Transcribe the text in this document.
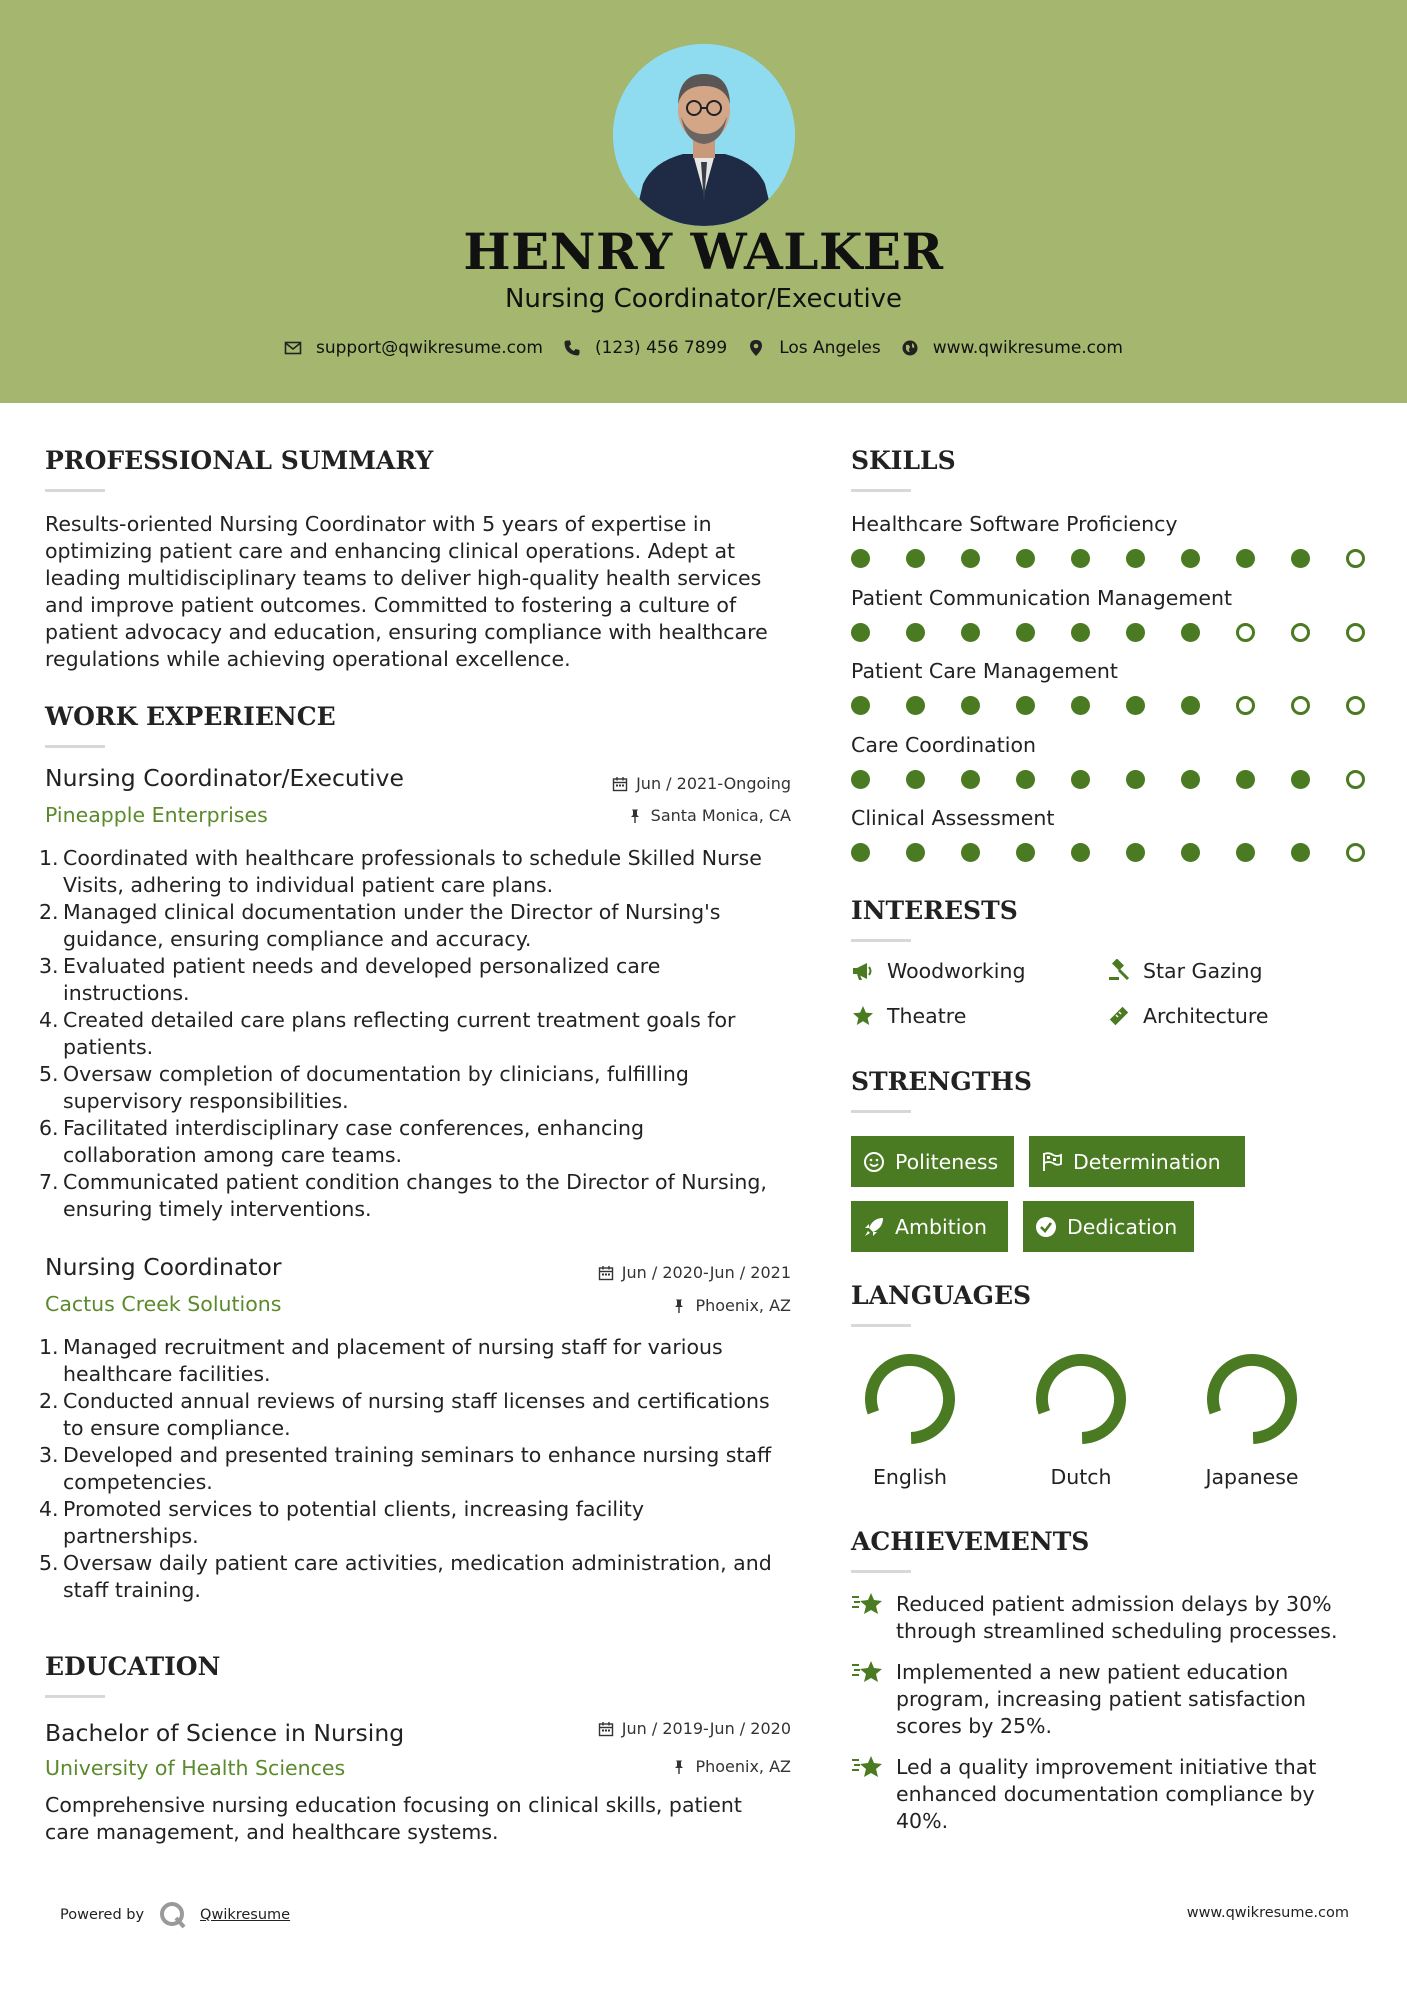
HENRY WALKER
Nursing Coordinator/Executive
support@qwikresume.com	(123) 456 7899	Los Angeles	www.qwikresume.com
PROFESSIONAL SUMMARY
Results-oriented Nursing Coordinator with 5 years of expertise in
optimizing patient care and enhancing clinical operations. Adept at
leading multidisciplinary teams to deliver high-quality health services
and improve patient outcomes. Committed to fostering a culture of
patient advocacy and education, ensuring compliance with healthcare
regulations while achieving operational excellence.
WORK EXPERIENCE
Nursing Coordinator/Executive	Jun / 2021-Ongoing
Pineapple Enterprises	Santa Monica, CA
1. Coordinated with healthcare professionals to schedule Skilled Nurse
Visits, adhering to individual patient care plans.
2. Managed clinical documentation under the Director of Nursing's
guidance, ensuring compliance and accuracy.
3. Evaluated patient needs and developed personalized care
instructions.
4. Created detailed care plans reflecting current treatment goals for
patients.
5. Oversaw completion of documentation by clinicians, fulfilling
supervisory responsibilities.
6. Facilitated interdisciplinary case conferences, enhancing
collaboration among care teams.
7. Communicated patient condition changes to the Director of Nursing,
ensuring timely interventions.
Nursing Coordinator	Jun / 2020-Jun / 2021
Cactus Creek Solutions	Phoenix, AZ
1. Managed recruitment and placement of nursing staff for various
healthcare facilities.
2. Conducted annual reviews of nursing staff licenses and certifications
to ensure compliance.
3. Developed and presented training seminars to enhance nursing staff
competencies.
4. Promoted services to potential clients, increasing facility
partnerships.
5. Oversaw daily patient care activities, medication administration, and
staff training.
EDUCATION
Bachelor of Science in Nursing	Jun / 2019-Jun / 2020
University of Health Sciences	Phoenix, AZ
Comprehensive nursing education focusing on clinical skills, patient
care management, and healthcare systems.
SKILLS
Healthcare Software Proficiency
Patient Communication Management
Patient Care Management
Care Coordination
Clinical Assessment
INTERESTS
Woodworking	Star Gazing
Theatre	Architecture
STRENGTHS
Politeness	Determination
Ambition	Dedication
LANGUAGES
English	Dutch	Japanese
ACHIEVEMENTS
Reduced patient admission delays by 30%
through streamlined scheduling processes.
Implemented a new patient education
program, increasing patient satisfaction
scores by 25%.
Led a quality improvement initiative that
enhanced documentation compliance by
40%.
Powered by	Qwikresume	www.qwikresume.com
